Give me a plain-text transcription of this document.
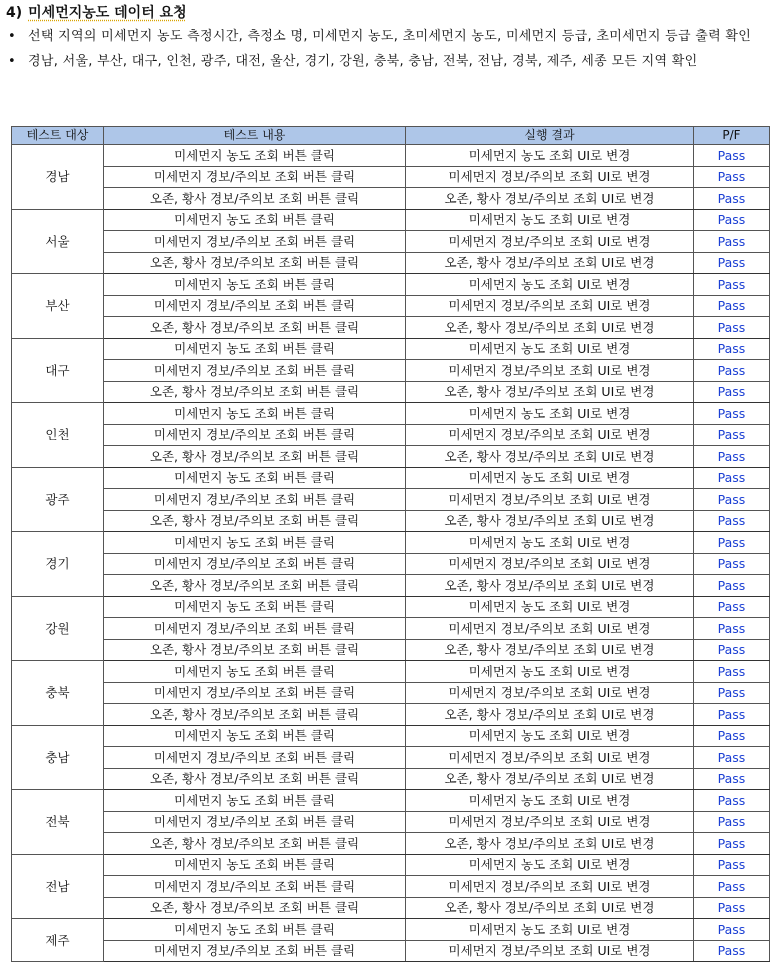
4) 미세먼지농도 데이터 요청
• 선택 지역의 미세먼지 농도 측정시간, 측정소 명, 미세먼지 농도, 초미세먼지 농도, 미세먼지 등급, 초미세먼지 등급 출력 확인
• 경남, 서울, 부산, 대구, 인천, 광주, 대전, 울산, 경기, 강원, 충북, 충남, 전북, 전남, 경북, 제주, 세종 모든 지역 확인
테스트 대상	테스트 내용	실행 결과	P/F
경남	미세먼지 농도 조회 버튼 클릭	미세먼지 농도 조회 UI로 변경	Pass
	미세먼지 경보/주의보 조회 버튼 클릭	미세먼지 경보/주의보 조회 UI로 변경	Pass
	오존, 황사 경보/주의보 조회 버튼 클릭	오존, 황사 경보/주의보 조회 UI로 변경	Pass
서울	미세먼지 농도 조회 버튼 클릭	미세먼지 농도 조회 UI로 변경	Pass
	미세먼지 경보/주의보 조회 버튼 클릭	미세먼지 경보/주의보 조회 UI로 변경	Pass
	오존, 황사 경보/주의보 조회 버튼 클릭	오존, 황사 경보/주의보 조회 UI로 변경	Pass
부산	미세먼지 농도 조회 버튼 클릭	미세먼지 농도 조회 UI로 변경	Pass
	미세먼지 경보/주의보 조회 버튼 클릭	미세먼지 경보/주의보 조회 UI로 변경	Pass
	오존, 황사 경보/주의보 조회 버튼 클릭	오존, 황사 경보/주의보 조회 UI로 변경	Pass
대구	미세먼지 농도 조회 버튼 클릭	미세먼지 농도 조회 UI로 변경	Pass
	미세먼지 경보/주의보 조회 버튼 클릭	미세먼지 경보/주의보 조회 UI로 변경	Pass
	오존, 황사 경보/주의보 조회 버튼 클릭	오존, 황사 경보/주의보 조회 UI로 변경	Pass
인천	미세먼지 농도 조회 버튼 클릭	미세먼지 농도 조회 UI로 변경	Pass
	미세먼지 경보/주의보 조회 버튼 클릭	미세먼지 경보/주의보 조회 UI로 변경	Pass
	오존, 황사 경보/주의보 조회 버튼 클릭	오존, 황사 경보/주의보 조회 UI로 변경	Pass
광주	미세먼지 농도 조회 버튼 클릭	미세먼지 농도 조회 UI로 변경	Pass
	미세먼지 경보/주의보 조회 버튼 클릭	미세먼지 경보/주의보 조회 UI로 변경	Pass
	오존, 황사 경보/주의보 조회 버튼 클릭	오존, 황사 경보/주의보 조회 UI로 변경	Pass
경기	미세먼지 농도 조회 버튼 클릭	미세먼지 농도 조회 UI로 변경	Pass
	미세먼지 경보/주의보 조회 버튼 클릭	미세먼지 경보/주의보 조회 UI로 변경	Pass
	오존, 황사 경보/주의보 조회 버튼 클릭	오존, 황사 경보/주의보 조회 UI로 변경	Pass
강원	미세먼지 농도 조회 버튼 클릭	미세먼지 농도 조회 UI로 변경	Pass
	미세먼지 경보/주의보 조회 버튼 클릭	미세먼지 경보/주의보 조회 UI로 변경	Pass
	오존, 황사 경보/주의보 조회 버튼 클릭	오존, 황사 경보/주의보 조회 UI로 변경	Pass
충북	미세먼지 농도 조회 버튼 클릭	미세먼지 농도 조회 UI로 변경	Pass
	미세먼지 경보/주의보 조회 버튼 클릭	미세먼지 경보/주의보 조회 UI로 변경	Pass
	오존, 황사 경보/주의보 조회 버튼 클릭	오존, 황사 경보/주의보 조회 UI로 변경	Pass
충남	미세먼지 농도 조회 버튼 클릭	미세먼지 농도 조회 UI로 변경	Pass
	미세먼지 경보/주의보 조회 버튼 클릭	미세먼지 경보/주의보 조회 UI로 변경	Pass
	오존, 황사 경보/주의보 조회 버튼 클릭	오존, 황사 경보/주의보 조회 UI로 변경	Pass
전북	미세먼지 농도 조회 버튼 클릭	미세먼지 농도 조회 UI로 변경	Pass
	미세먼지 경보/주의보 조회 버튼 클릭	미세먼지 경보/주의보 조회 UI로 변경	Pass
	오존, 황사 경보/주의보 조회 버튼 클릭	오존, 황사 경보/주의보 조회 UI로 변경	Pass
전남	미세먼지 농도 조회 버튼 클릭	미세먼지 농도 조회 UI로 변경	Pass
	미세먼지 경보/주의보 조회 버튼 클릭	미세먼지 경보/주의보 조회 UI로 변경	Pass
	오존, 황사 경보/주의보 조회 버튼 클릭	오존, 황사 경보/주의보 조회 UI로 변경	Pass
제주	미세먼지 농도 조회 버튼 클릭	미세먼지 농도 조회 UI로 변경	Pass
	미세먼지 경보/주의보 조회 버튼 클릭	미세먼지 경보/주의보 조회 UI로 변경	Pass
